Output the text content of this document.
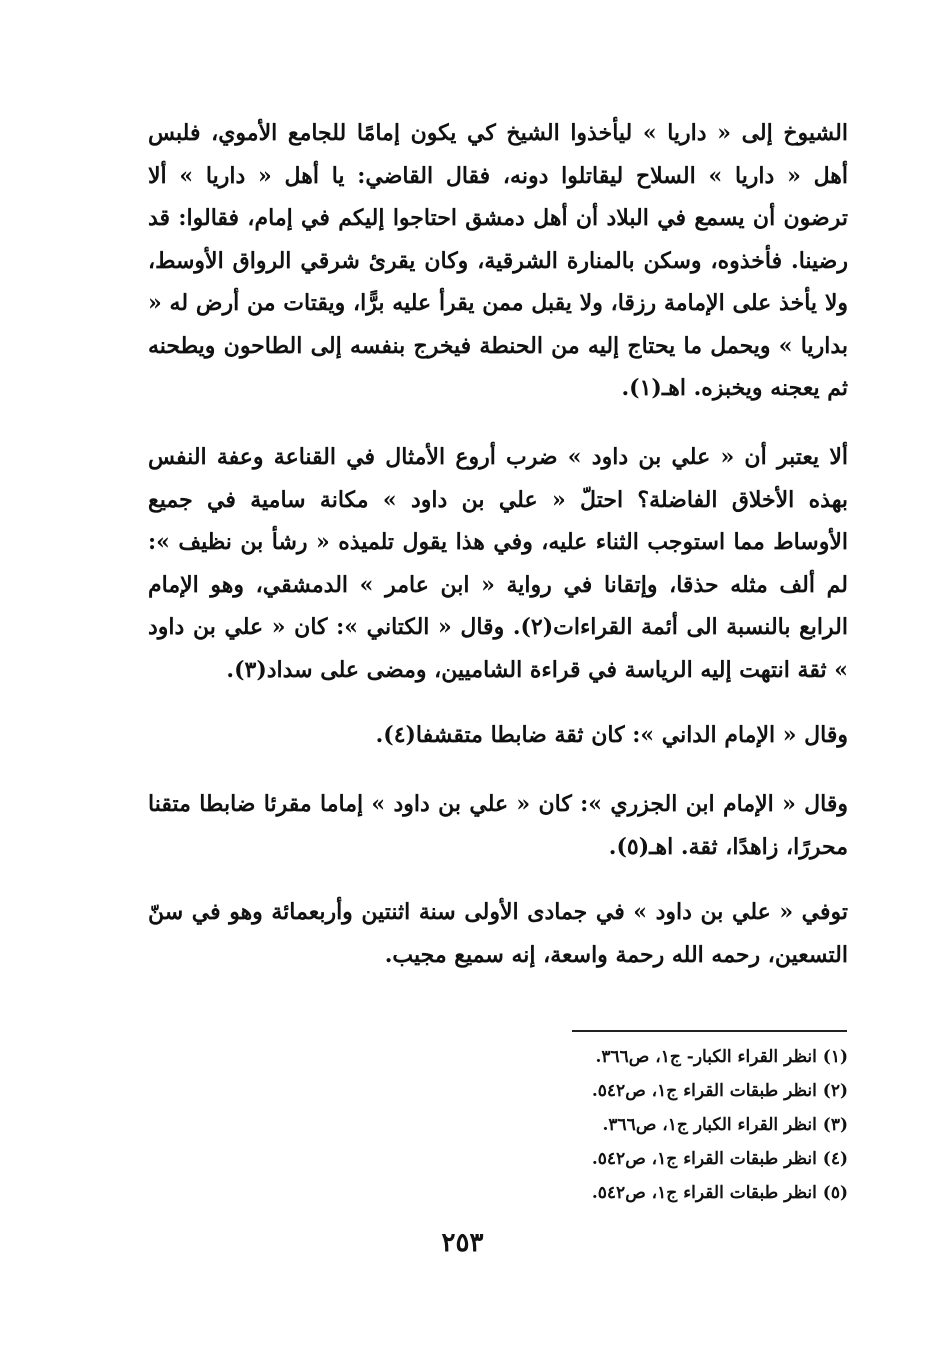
الشيوخ إلى « داريا » ليأخذوا الشيخ كي يكون إمامًا للجامع الأموي، فلبس أهل « داريا » السلاح ليقاتلوا دونه، فقال القاضي: يا أهل « داريا » ألا ترضون أن يسمع في البلاد أن أهل دمشق احتاجوا إليكم في إمام، فقالوا: قد رضينا. فأخذوه، وسكن بالمنارة الشرقية، وكان يقرئ شرقي الرواق الأوسط، ولا يأخذ على الإمامة رزقا، ولا يقبل ممن يقرأ عليه برًّا، ويقتات من أرض له « بداريا » ويحمل ما يحتاج إليه من الحنطة فيخرج بنفسه إلى الطاحون ويطحنه ثم يعجنه ويخبزه. اهـ(١).

ألا يعتبر أن « علي بن داود » ضرب أروع الأمثال في القناعة وعفة النفس بهذه الأخلاق الفاضلة؟ احتلّ « علي بن داود » مكانة سامية في جميع الأوساط مما استوجب الثناء عليه، وفي هذا يقول تلميذه « رشأ بن نظيف »: لم ألف مثله حذقا، وإتقانا في رواية « ابن عامر » الدمشقي، وهو الإمام الرابع بالنسبة الى أئمة القراءات(٢). وقال « الكتاني »: كان « علي بن داود » ثقة انتهت إليه الرياسة في قراءة الشاميين، ومضى على سداد(٣).

وقال « الإمام الداني »: كان ثقة ضابطا متقشفا(٤).

وقال « الإمام ابن الجزري »: كان « علي بن داود » إماما مقرئا ضابطا متقنا محررًا، زاهدًا، ثقة. اهـ(٥).

توفي « علي بن داود » في جمادى الأولى سنة اثنتين وأربعمائة وهو في سنّ التسعين، رحمه الله رحمة واسعة، إنه سميع مجيب.

(١) انظر القراء الكبار- ج١، ص٣٦٦.
(٢) انظر طبقات القراء ج١، ص٥٤٢.
(٣) انظر القراء الكبار ج١، ص٣٦٦.
(٤) انظر طبقات القراء ج١، ص٥٤٢.
(٥) انظر طبقات القراء ج١، ص٥٤٢.
٢٥٣
